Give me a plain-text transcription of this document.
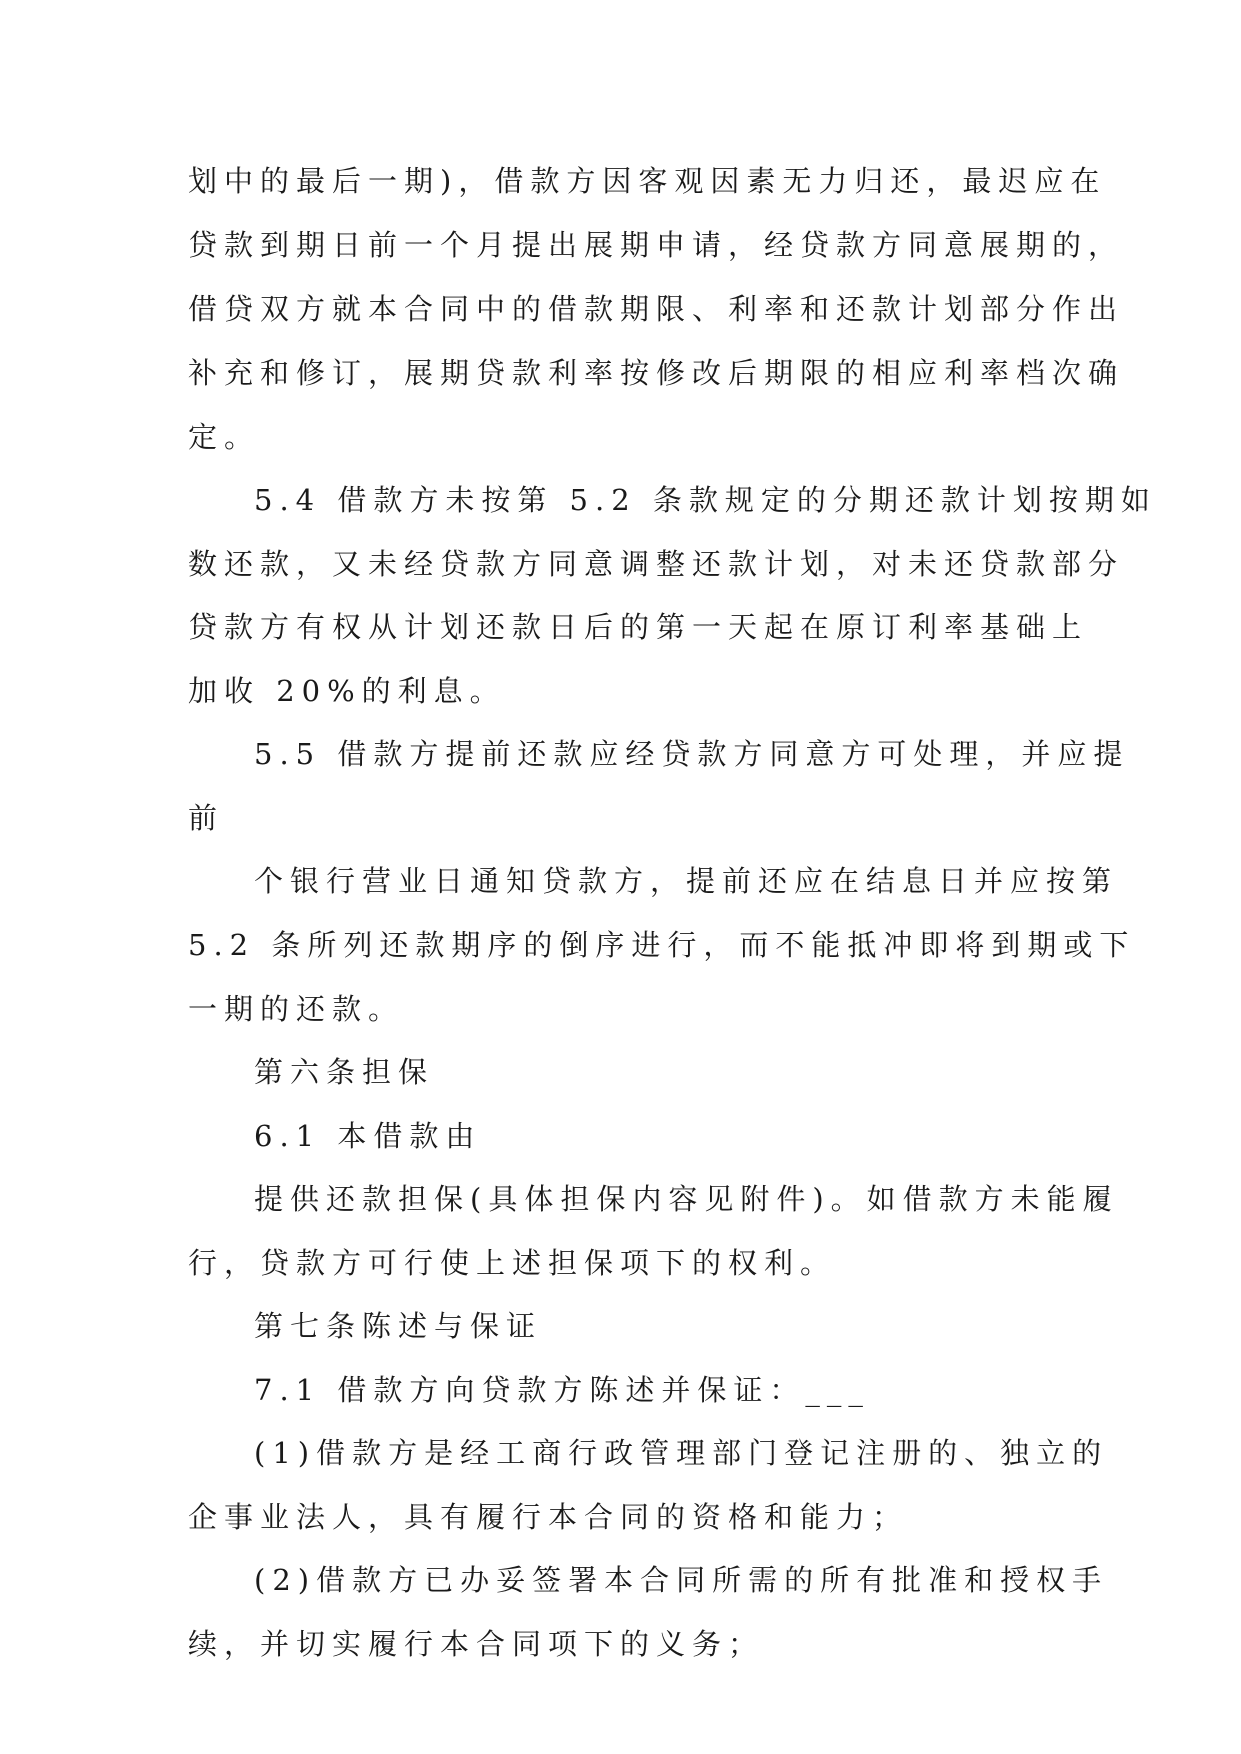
划中的最后一期)，借款方因客观因素无力归还，最迟应在
贷款到期日前一个月提出展期申请，经贷款方同意展期的，
借贷双方就本合同中的借款期限、利率和还款计划部分作出
补充和修订，展期贷款利率按修改后期限的相应利率档次确
定。
5.4 借款方未按第 5.2 条款规定的分期还款计划按期如
数还款，又未经贷款方同意调整还款计划，对未还贷款部分
贷款方有权从计划还款日后的第一天起在原订利率基础上
加收 20%的利息。
5.5 借款方提前还款应经贷款方同意方可处理，并应提
前
个银行营业日通知贷款方，提前还应在结息日并应按第
5.2 条所列还款期序的倒序进行，而不能抵冲即将到期或下
一期的还款。
第六条担保
6.1 本借款由
提供还款担保(具体担保内容见附件)。如借款方未能履
行，贷款方可行使上述担保项下的权利。
第七条陈述与保证
7.1 借款方向贷款方陈述并保证：___
(1)借款方是经工商行政管理部门登记注册的、独立的
企事业法人，具有履行本合同的资格和能力；
(2)借款方已办妥签署本合同所需的所有批准和授权手
续，并切实履行本合同项下的义务；
